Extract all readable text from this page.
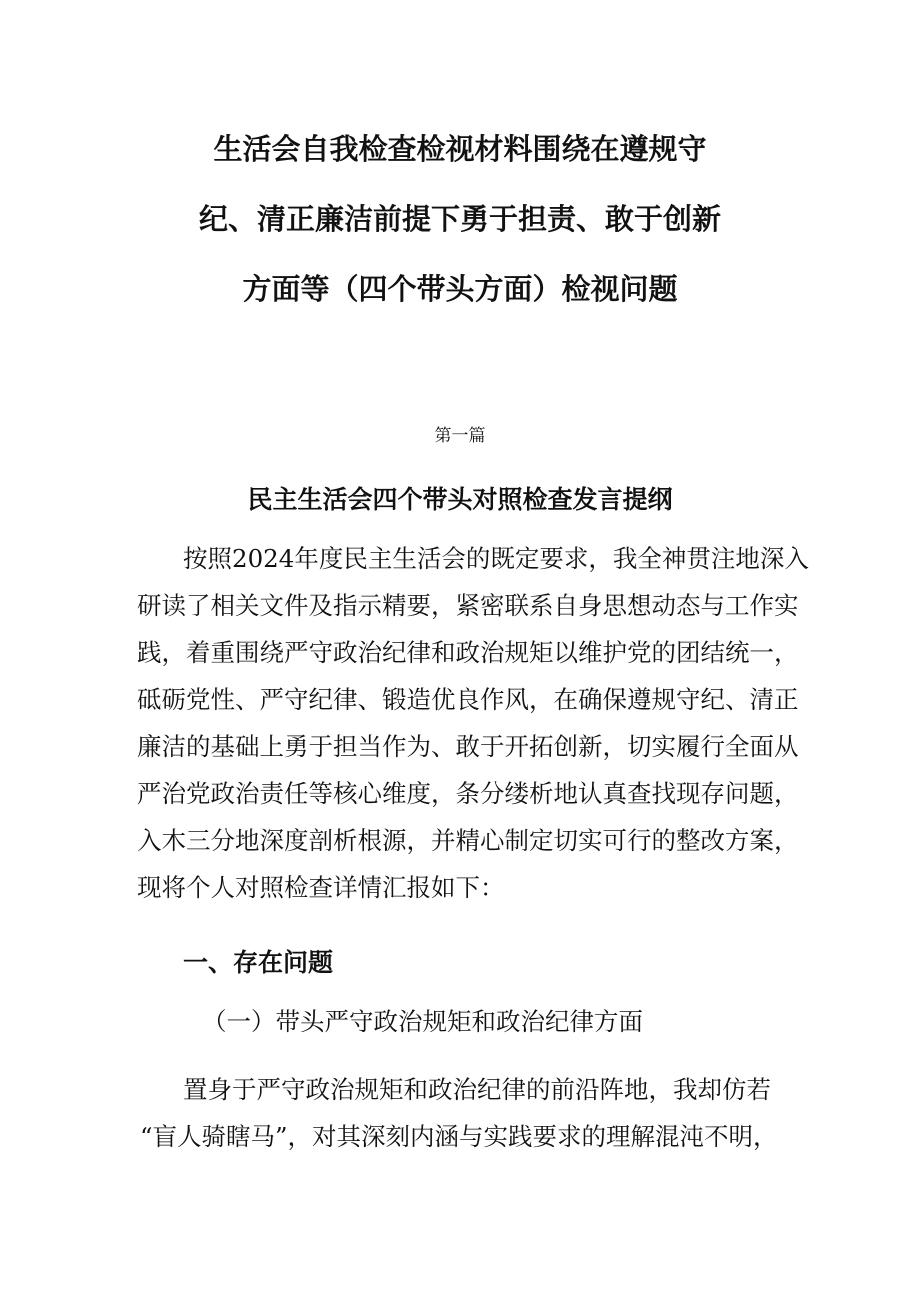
生活会自我检查检视材料围绕在遵规守
纪、清正廉洁前提下勇于担责、敢于创新
方面等（四个带头方面）检视问题
第一篇
民主生活会四个带头对照检查发言提纲
按照2024年度民主生活会的既定要求，我全神贯注地深入
研读了相关文件及指示精要，紧密联系自身思想动态与工作实
践，着重围绕严守政治纪律和政治规矩以维护党的团结统一，
砥砺党性、严守纪律、锻造优良作风，在确保遵规守纪、清正
廉洁的基础上勇于担当作为、敢于开拓创新，切实履行全面从
严治党政治责任等核心维度，条分缕析地认真查找现存问题，
入木三分地深度剖析根源，并精心制定切实可行的整改方案，
现将个人对照检查详情汇报如下：
一、存在问题
（一）带头严守政治规矩和政治纪律方面
置身于严守政治规矩和政治纪律的前沿阵地，我却仿若
“盲人骑瞎马”，对其深刻内涵与实践要求的理解混沌不明，
